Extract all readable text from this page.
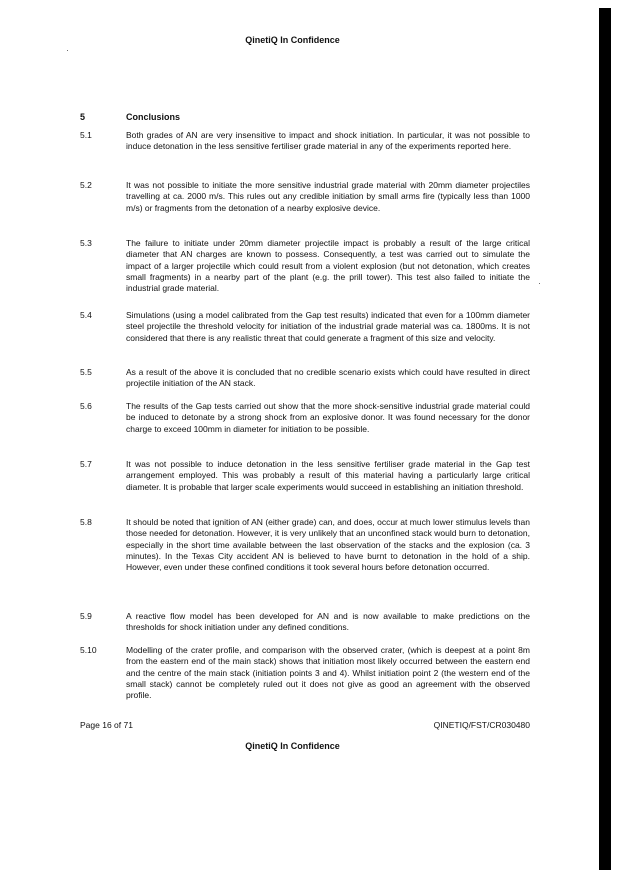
·
·
QinetiQ In Confidence
5	Conclusions
5.1	Both grades of AN are very insensitive to impact and shock initiation. In particular, it was not possible to induce detonation in the less sensitive fertiliser grade material in any of the experiments reported here.
5.2	It was not possible to initiate the more sensitive industrial grade material with 20mm diameter projectiles travelling at ca. 2000 m/s. This rules out any credible initiation by small arms fire (typically less than 1000 m/s) or fragments from the detonation of a nearby explosive device.
5.3	The failure to initiate under 20mm diameter projectile impact is probably a result of the large critical diameter that AN charges are known to possess. Consequently, a test was carried out to simulate the impact of a larger projectile which could result from a violent explosion (but not detonation, which creates small fragments) in a nearby part of the plant (e.g. the prill tower). This test also failed to initiate the industrial grade material.
5.4	Simulations (using a model calibrated from the Gap test results) indicated that even for a 100mm diameter steel projectile the threshold velocity for initiation of the industrial grade material was ca. 1800ms. It is not considered that there is any realistic threat that could generate a fragment of this size and velocity.
5.5	As a result of the above it is concluded that no credible scenario exists which could have resulted in direct projectile initiation of the AN stack.
5.6	The results of the Gap tests carried out show that the more shock-sensitive industrial grade material could be induced to detonate by a strong shock from an explosive donor. It was found necessary for the donor charge to exceed 100mm in diameter for initiation to be possible.
5.7	It was not possible to induce detonation in the less sensitive fertiliser grade material in the Gap test arrangement employed. This was probably a result of this material having a particularly large critical diameter. It is probable that larger scale experiments would succeed in establishing an initiation threshold.
5.8	It should be noted that ignition of AN (either grade) can, and does, occur at much lower stimulus levels than those needed for detonation. However, it is very unlikely that an unconfined stack would burn to detonation, especially in the short time available between the last observation of the stacks and the explosion (ca. 3 minutes). In the Texas City accident AN is believed to have burnt to detonation in the hold of a ship. However, even under these confined conditions it took several hours before detonation occurred.
5.9	A reactive flow model has been developed for AN and is now available to make predictions on the thresholds for shock initiation under any defined conditions.
5.10	Modelling of the crater profile, and comparison with the observed crater, (which is deepest at a point 8m from the eastern end of the main stack) shows that initiation most likely occurred between the eastern end and the centre of the main stack (initiation points 3 and 4). Whilst initiation point 2 (the western end of the small stack) cannot be completely ruled out it does not give as good an agreement with the observed profile.
Page 16 of 71	QINETIQ/FST/CR030480
QinetiQ In Confidence
